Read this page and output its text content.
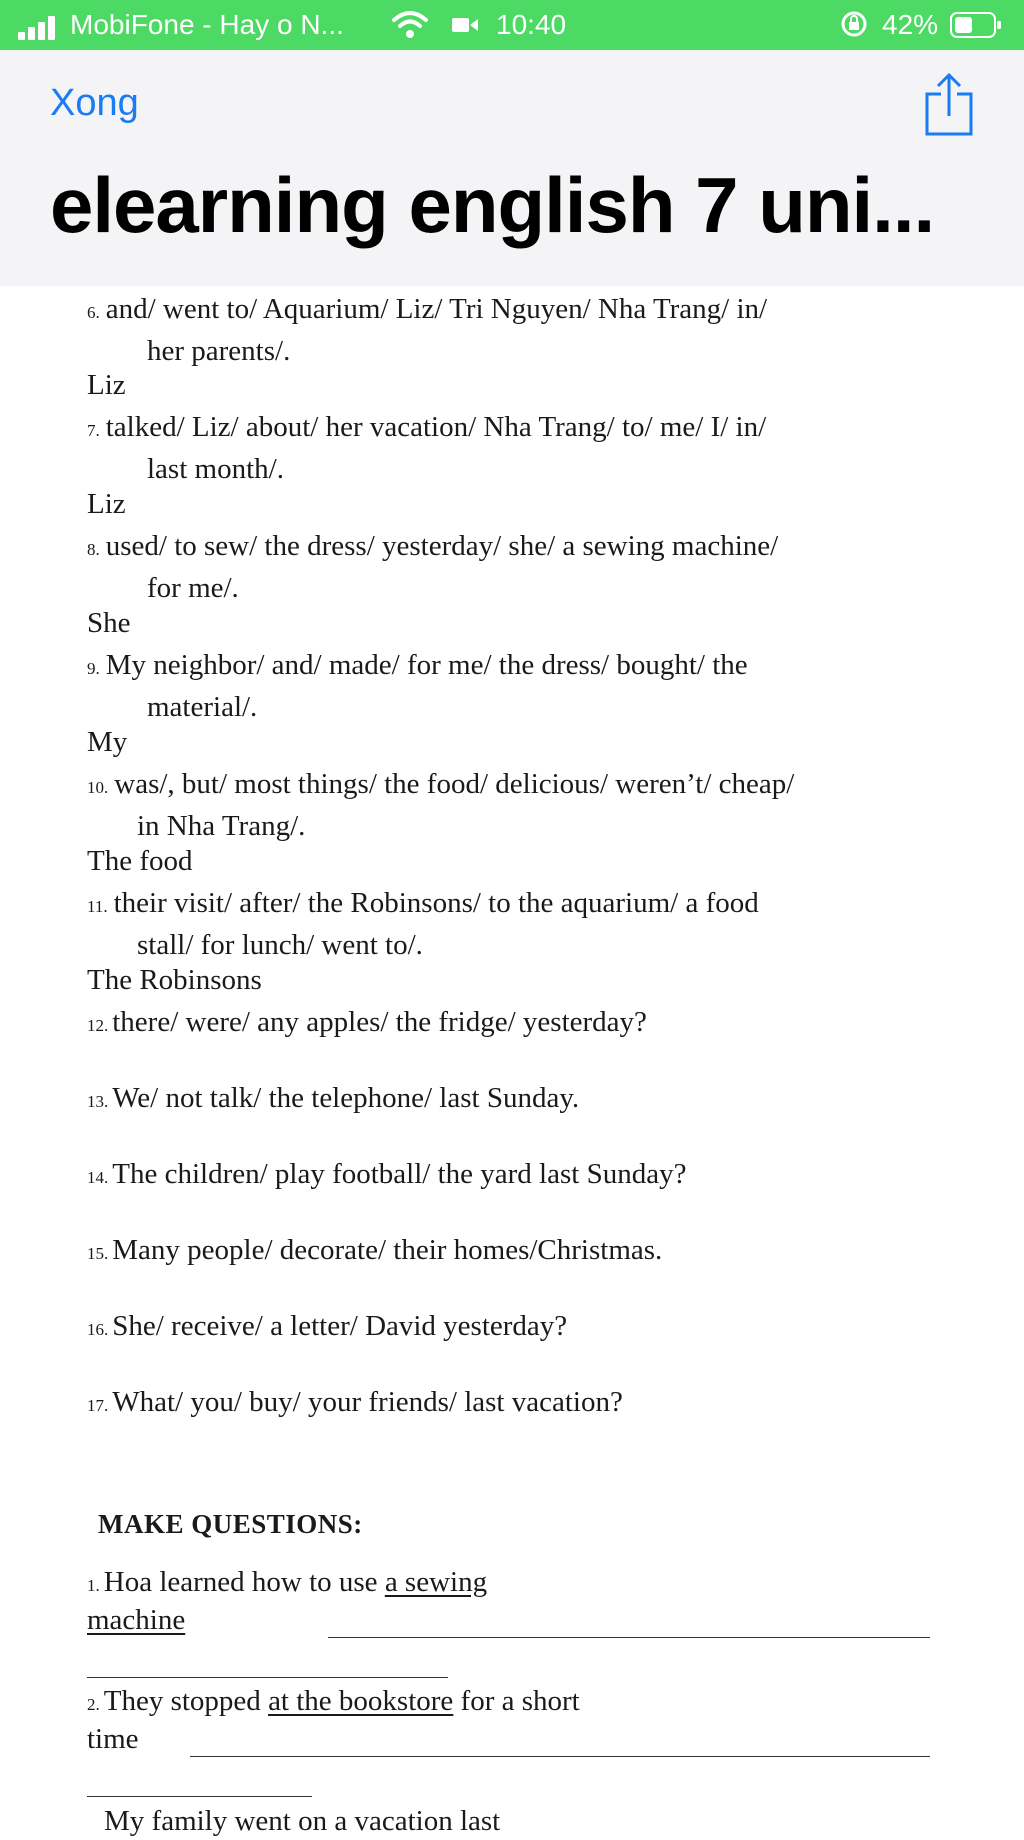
MobiFone - Hay o N...	10:40	42%
Xong
elearning english 7 uni...
6. and/ went to/ Aquarium/ Liz/ Tri Nguyen/ Nha Trang/ in/
her parents/.
Liz
7. talked/ Liz/ about/ her vacation/ Nha Trang/ to/ me/ I/ in/
last month/.
Liz
8. used/ to sew/ the dress/ yesterday/ she/ a sewing machine/
for me/.
She
9. My neighbor/ and/ made/ for me/ the dress/ bought/ the
material/.
My
10. was/, but/ most things/ the food/ delicious/ weren’t/ cheap/
in Nha Trang/.
The food
11. their visit/ after/ the Robinsons/ to the aquarium/ a food
stall/ for lunch/ went to/.
The Robinsons
12. there/ were/ any apples/ the fridge/ yesterday?
13. We/ not talk/ the telephone/ last Sunday.
14. The children/ play football/ the yard last Sunday?
15. Many people/ decorate/ their homes/Christmas.
16. She/ receive/ a letter/ David yesterday?
17. What/ you/ buy/ your friends/ last vacation?
MAKE QUESTIONS:
1. Hoa learned how to use a sewing
machine
2. They stopped at the bookstore for a short
time
My family went on a vacation last
